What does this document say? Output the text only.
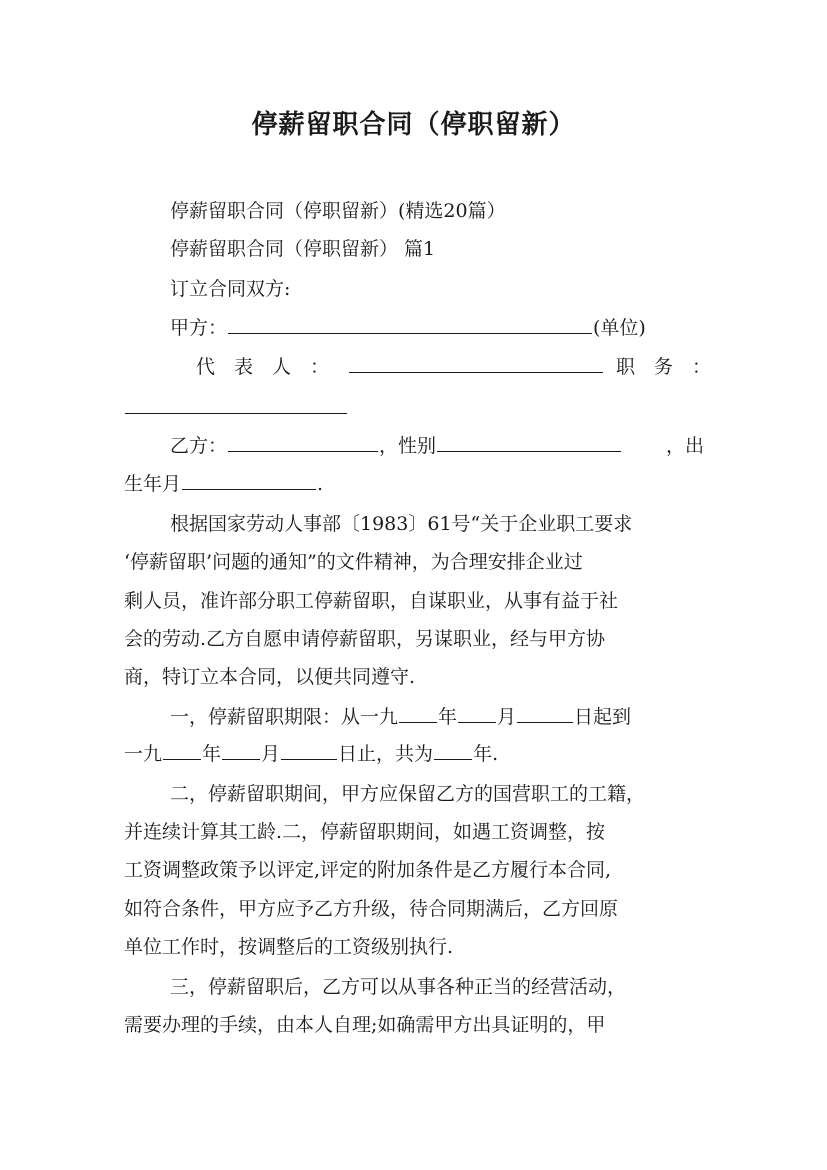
停薪留职合同（停职留新）
停薪留职合同（停职留新）(精选20篇）
停薪留职合同（停职留新） 篇1
订立合同双方:
甲方：	(单位)
代表人：	职务：
乙方：	，性别	，出
生年月	.
根据国家劳动人事部〔1983〕61号“关于企业职工要求
‘停薪留职’问题的通知”的文件精神，为合理安排企业过
剩人员，准许部分职工停薪留职，自谋职业，从事有益于社
会的劳动.乙方自愿申请停薪留职，另谋职业，经与甲方协
商，特订立本合同，以便共同遵守.
一，停薪留职期限：从一九 年 月	日起到
一九 年 月	日止，共为 年.
二，停薪留职期间，甲方应保留乙方的国营职工的工籍，
并连续计算其工龄.二，停薪留职期间，如遇工资调整，按
工资调整政策予以评定,评定的附加条件是乙方履行本合同,
如符合条件，甲方应予乙方升级，待合同期满后，乙方回原
单位工作时，按调整后的工资级别执行.
三，停薪留职后，乙方可以从事各种正当的经营活动，
需要办理的手续，由本人自理;如确需甲方出具证明的，甲
